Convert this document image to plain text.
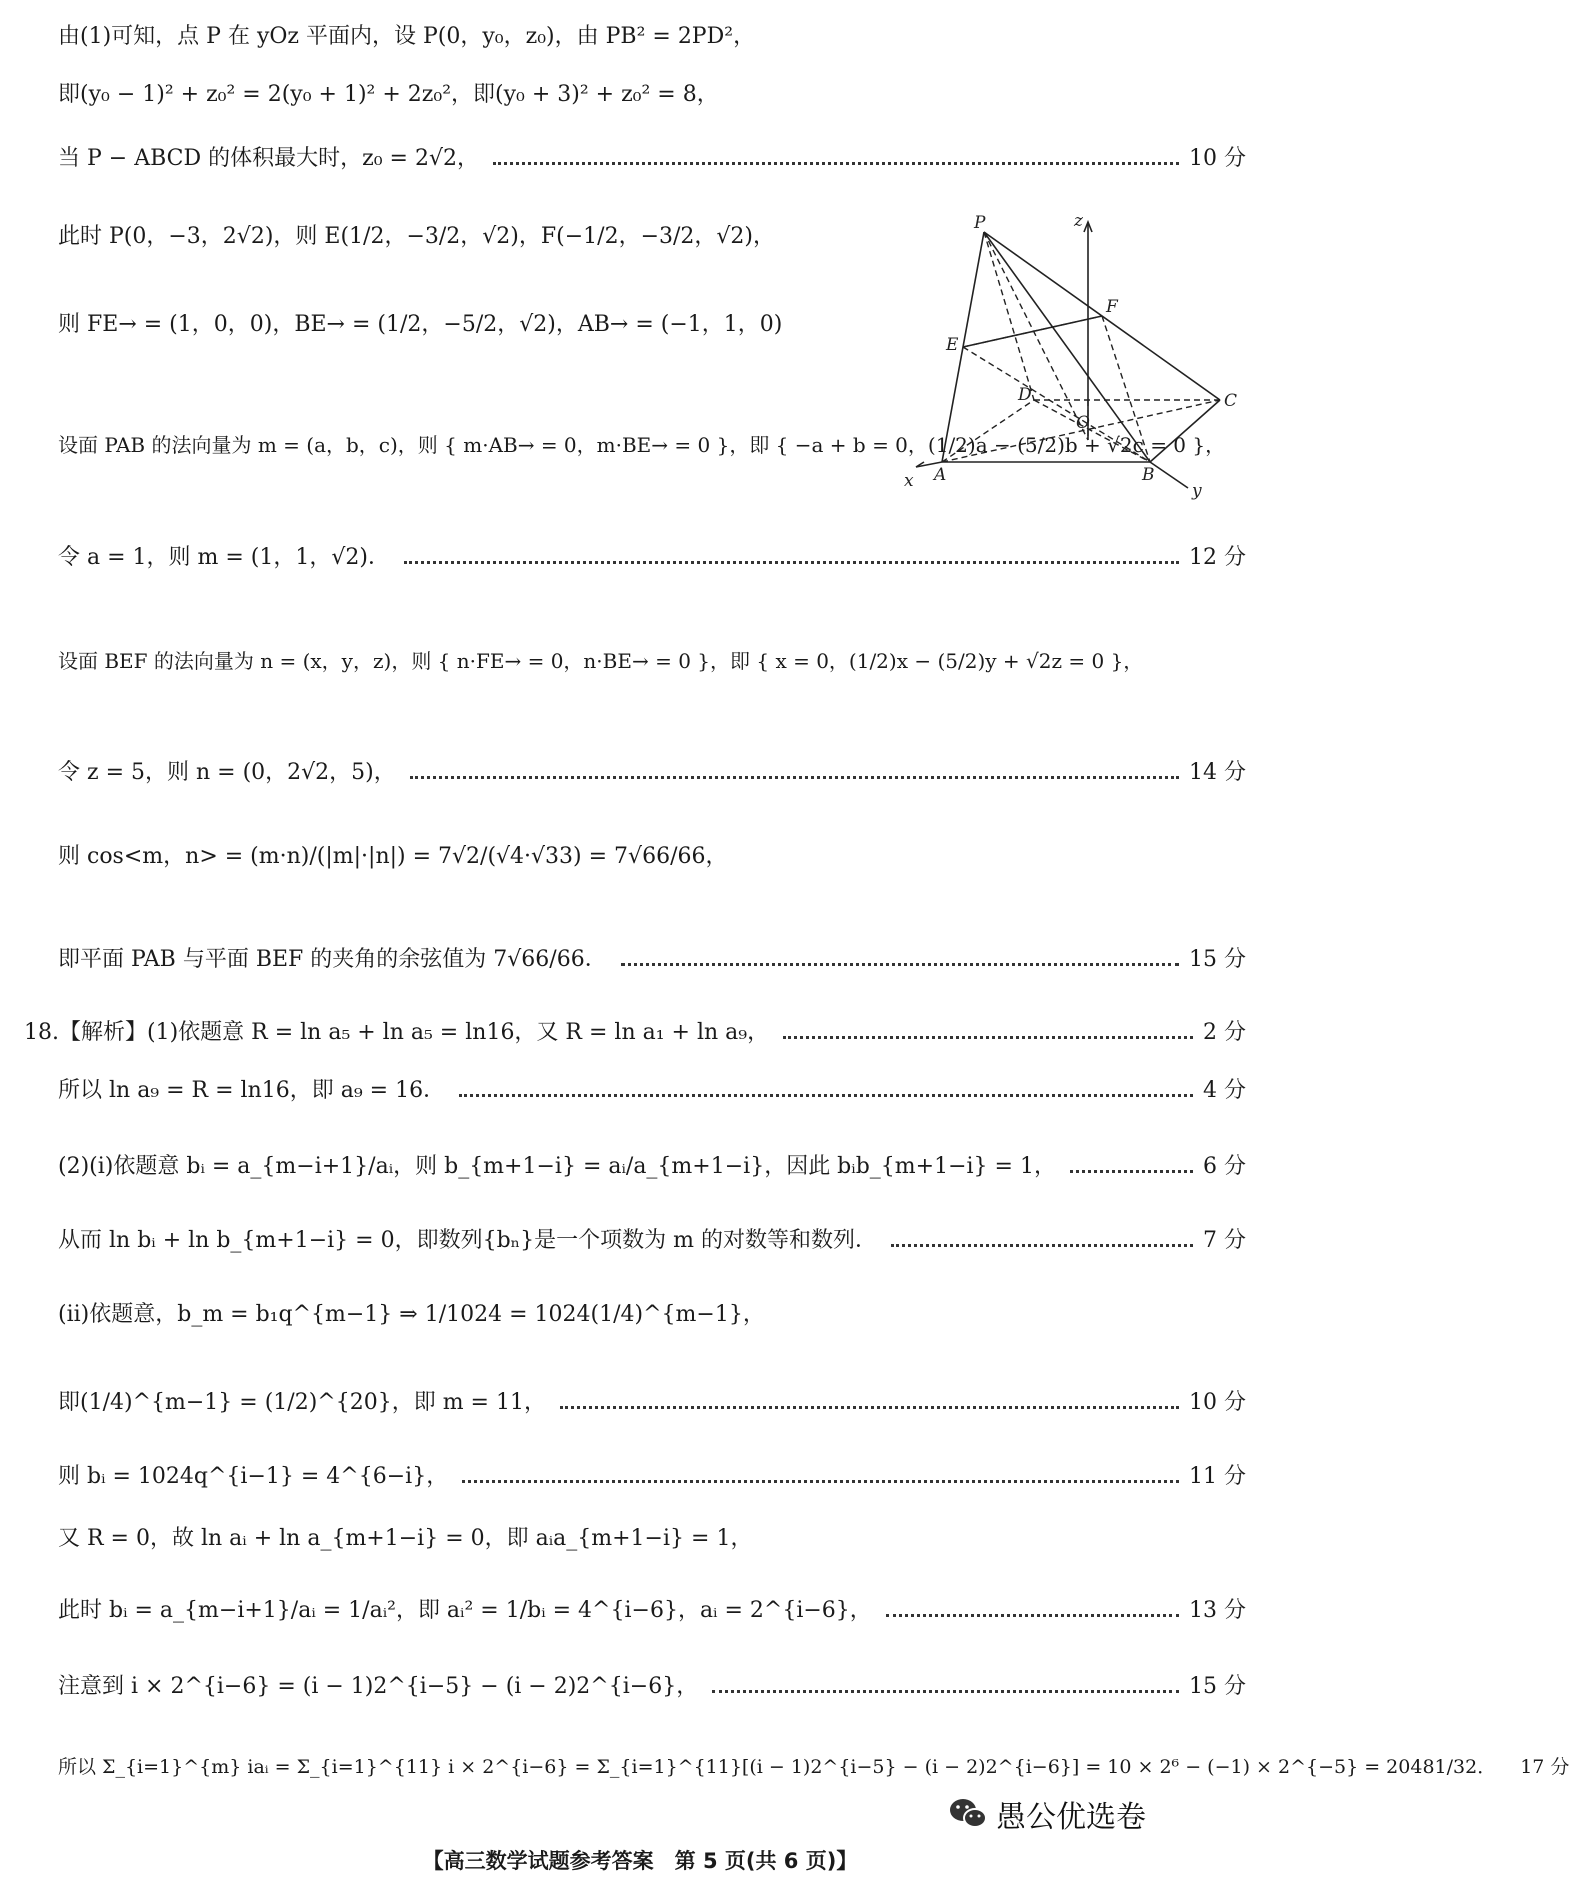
由(1)可知，点 P 在 yOz 平面内，设 P(0，y₀，z₀)，由 PB² = 2PD²，
即(y₀ − 1)² + z₀² = 2(y₀ + 1)² + 2z₀²，即(y₀ + 3)² + z₀² = 8，
当 P − ABCD 的体积最大时，z₀ = 2√2，	10 分
此时 P(0，−3，2√2)，则 E(1/2，−3/2，√2)，F(−1/2，−3/2，√2)，
则 FE→ = (1，0，0)，BE→ = (1/2，−5/2，√2)，AB→ = (−1，1，0)
设面 PAB 的法向量为 m = (a，b，c)，则 { m·AB→ = 0，m·BE→ = 0 }，即 { −a + b = 0，(1/2)a − (5/2)b + √2c = 0 }，
令 a = 1，则 m = (1，1，√2)．	12 分
设面 BEF 的法向量为 n = (x，y，z)，则 { n·FE→ = 0，n·BE→ = 0 }，即 { x = 0，(1/2)x − (5/2)y + √2z = 0 }，
令 z = 5，则 n = (0，2√2，5)，	14 分
则 cos<m，n> = (m·n)/(|m|·|n|) = 7√2/(√4·√33) = 7√66/66，
即平面 PAB 与平面 BEF 的夹角的余弦值为 7√66/66．	15 分
18.【解析】(1)依题意 R = ln a₅ + ln a₅ = ln16，又 R = ln a₁ + ln a₉，	2 分
所以 ln a₉ = R = ln16，即 a₉ = 16．	4 分
(2)(i)依题意 bᵢ = a_{m−i+1}/aᵢ，则 b_{m+1−i} = aᵢ/a_{m+1−i}，因此 bᵢb_{m+1−i} = 1，	6 分
从而 ln bᵢ + ln b_{m+1−i} = 0，即数列{bₙ}是一个项数为 m 的对数等和数列．	7 分
(ii)依题意，b_m = b₁q^{m−1} ⇒ 1/1024 = 1024(1/4)^{m−1}，
即(1/4)^{m−1} = (1/2)^{20}，即 m = 11，	10 分
则 bᵢ = 1024q^{i−1} = 4^{6−i}，	11 分
又 R = 0，故 ln aᵢ + ln a_{m+1−i} = 0，即 aᵢa_{m+1−i} = 1，
此时 bᵢ = a_{m−i+1}/aᵢ = 1/aᵢ²，即 aᵢ² = 1/bᵢ = 4^{i−6}，aᵢ = 2^{i−6}，	13 分
注意到 i × 2^{i−6} = (i − 1)2^{i−5} − (i − 2)2^{i−6}，	15 分
所以 Σ_{i=1}^{m} iaᵢ = Σ_{i=1}^{11} i × 2^{i−6} = Σ_{i=1}^{11}[(i − 1)2^{i−5} − (i − 2)2^{i−6}] = 10 × 2⁶ − (−1) × 2^{−5} = 20481/32． 17 分
P	z
F
E
D	C
O
A	B
x	y
愚公优选卷
【高三数学试题参考答案　第 5 页(共 6 页)】
